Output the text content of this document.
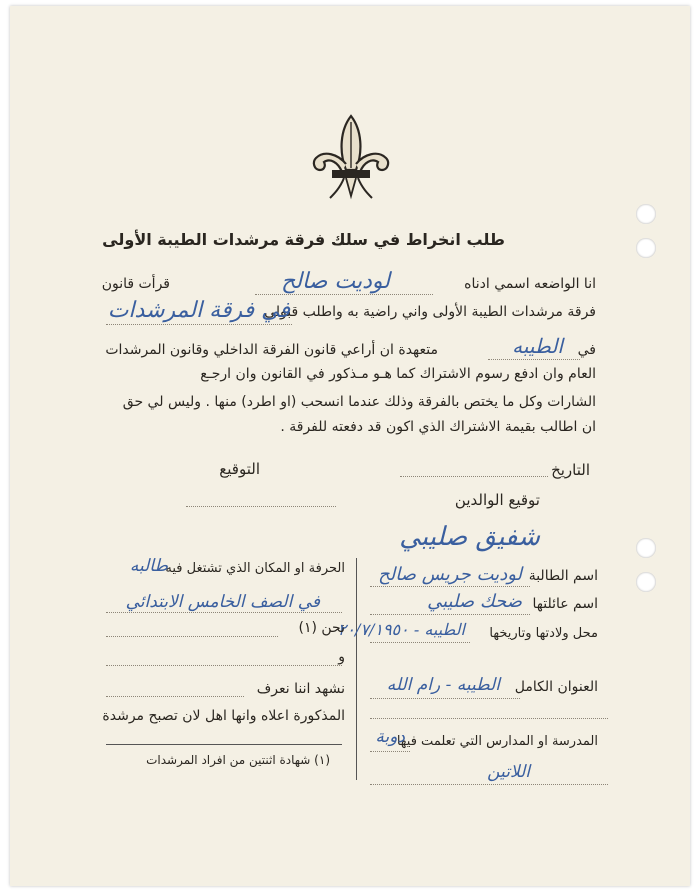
طلب انخراط في سلك فرقة مرشدات الطيبة الأولى
انا الواضعه اسمي ادناه
لوديت صالح
قرأت قانون
فرقة مرشدات الطيبة الأولى واني راضية به واطلب قبولي
في فرقة المرشدات
في
الطيبه
متعهدة ان أراعي قانون الفرقة الداخلي وقانون المرشدات
العام وان ادفع رسوم الاشتراك كما هـو مـذكور في القانون وان ارجـع
الشارات وكل ما يختص بالفرقة وذلك عندما انسحب (او اطرد) منها . وليس لي حق
ان اطالب بقيمة الاشتراك الذي اكون قد دفعته للفرقة .
التاريخ
التوقيع
توقيع الوالدين
شفيق صليبي
اسم الطالبة
لوديت جريس صالح
اسم عائلتها
ضحك صليبي
محل ولادتها وتاريخها
الطيبه - ٢٠/٧/١٩٥٠
العنوان الكامل
الطيبه - رام الله
المدرسة او المدارس التي تعلمت فيها
دوبة
اللاتين
الحرفة او المكان الذي تشتغل فيه
طالبه
في الصف الخامس الابتدائي
نحن (١)
و
نشهد اننا نعرف
المذكورة اعلاه وانها اهل لان تصبح مرشدة
(١) شهادة اثنتين من افراد المرشدات
